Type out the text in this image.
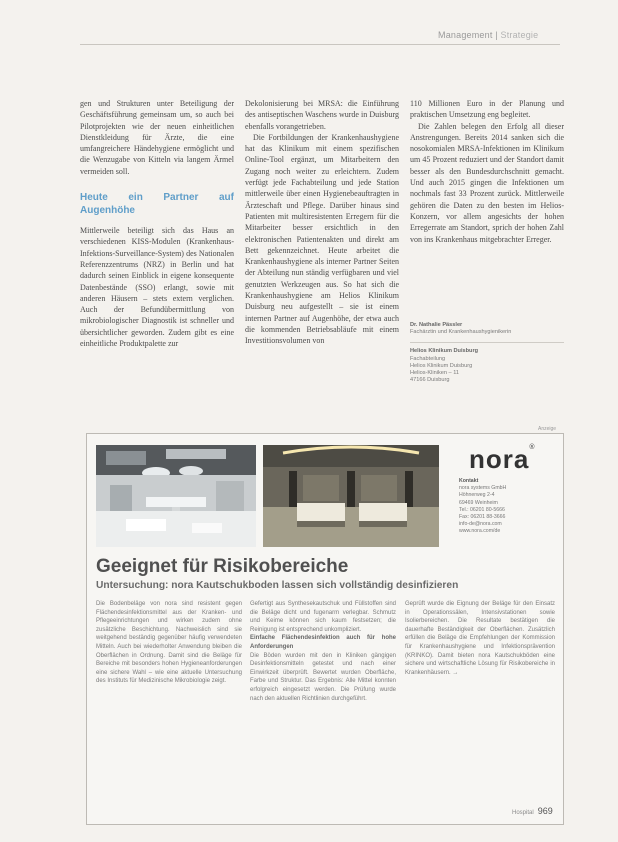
Management | Strategie

gen und Strukturen unter Beteiligung der Geschäftsführung gemeinsam um, so auch bei Pilotprojekten wie der neuen einheitlichen Dienstkleidung für Ärzte, die eine umfangreichere Händehygiene ermöglicht und die Wenzugabe von Kitteln via langem Ärmel vermeiden soll.

Heute ein Partner auf Augenhöhe

Mittlerweile beteiligt sich das Haus an verschiedenen KISS-Modulen (Krankenhaus-Infektions-Surveillance-System) des Nationalen Referenzzentrums (NRZ) in Berlin und hat dadurch seinen Einblick in eigene konsequente Datenbestände (SSO) erlangt, sowie mit anderen Häusern – stets extern verglichen. Auch der Befundübermittlung von mikrobiologischer Diagnostik ist schneller und übersichtlicher geworden. Zudem gibt es eine einheitliche Produktpalette zur

Dekolonisierung bei MRSA: die Einführung des antiseptischen Waschens wurde in Duisburg ebenfalls vorangetrieben.

Die Fortbildungen der Krankenhaushygiene hat das Klinikum mit einem spezifischen Online-Tool ergänzt, um Mitarbeitern den Zugang noch weiter zu erleichtern. Zudem verfügt jede Fachabteilung und jede Station mittlerweile über einen Hygienebeauftragten in Ärzteschaft und Pflege. Darüber hinaus sind Patienten mit multiresistenten Erregern für die Mitarbeiter besser ersichtlich in den elektronischen Patientenakten und direkt am Bett gekennzeichnet. Heute arbeitet die Krankenhaushygiene als interner Partner Seiten der Abteilung nun ständig verfügbaren und viel genutzten Werkzeugen aus. So hat sich die Krankenhaushygiene am Helios Klinikum Duisburg neu aufgestellt – sie ist einem internen Partner auf Augenhöhe, der etwa auch die kommenden Betriebsabläufe mit einem Investitionsvolumen von

110 Millionen Euro in der Planung und praktischen Umsetzung eng begleitet.

Die Zahlen belegen den Erfolg all dieser Anstrengungen. Bereits 2014 sanken sich die nosokomialen MRSA-Infektionen im Klinikum um 45 Prozent reduziert und der Standort damit besser als den Bundesdurchschnitt gemacht. Und auch 2015 gingen die Infektionen um nochmals fast 33 Prozent zurück. Mittlerweile gehören die Daten zu den besten im Helios-Konzern, vor allem angesichts der hohen Erregerrate am Standort, sprich der hohen Zahl von ins Krankenhaus mitgebrachter Erreger.

Dr. Nathalie Pässler
Fachärztin und Krankenhaushygienikerin
Helios Klinikum Duisburg
Fachabteilung
Helios Klinikum Duisburg
Helios-Kliniken – 11
47166 Duisburg
Anzeige
nora®
Kontakt
nora systems GmbH
Höhnerweg 2-4
69469 Weinheim
Tel.: 06201 80-5666
Fax: 06201 88-3666
info-de@nora.com
www.nora.com/de
Geeignet für Risikobereiche
Untersuchung: nora Kautschukboden lassen sich vollständig desinfizieren

Die Bodenbeläge von nora sind resistent gegen Flächendesinfektionsmittel aus der Kranken- und Pflegeeinrichtungen und wirken zudem ohne zusätzliche Beschichtung. Nachweislich sind sie weitgehend beständig gegenüber häufig verwendeten Mitteln. Auch bei wiederholter Anwendung bleiben die Oberflächen in Ordnung. Damit sind die Beläge für Bereiche mit besonders hohen Hygieneanforderungen eine sichere Wahl – wie eine aktuelle Untersuchung des Instituts für Medizinische Mikrobiologie zeigt.

Gefertigt aus Synthesekautschuk und Füllstoffen sind die Beläge dicht und fugenarm verlegbar. Schmutz und Keime können sich kaum festsetzen; die Reinigung ist entsprechend unkompliziert.

Einfache Flächendesinfektion auch für hohe Anforderungen

Die Böden wurden mit den in Kliniken gängigen Desinfektionsmitteln getestet und nach einer Einwirkzeit überprüft. Bewertet wurden Oberfläche, Farbe und Struktur. Das Ergebnis: Alle Mittel konnten erfolgreich eingesetzt werden. Die Prüfung wurde nach den aktuellen Richtlinien durchgeführt.

Geprüft wurde die Eignung der Beläge für den Einsatz in Operationssälen, Intensivstationen sowie Isolierbereichen. Die Resultate bestätigen die dauerhafte Beständigkeit der Oberflächen. Zusätzlich erfüllen die Beläge die Empfehlungen der Kommission für Krankenhaushygiene und Infektionsprävention (KRINKO). Damit bieten nora Kautschukböden eine sichere und wirtschaftliche Lösung für Risikobereiche in Krankenhäusern. →

Hospital 969
